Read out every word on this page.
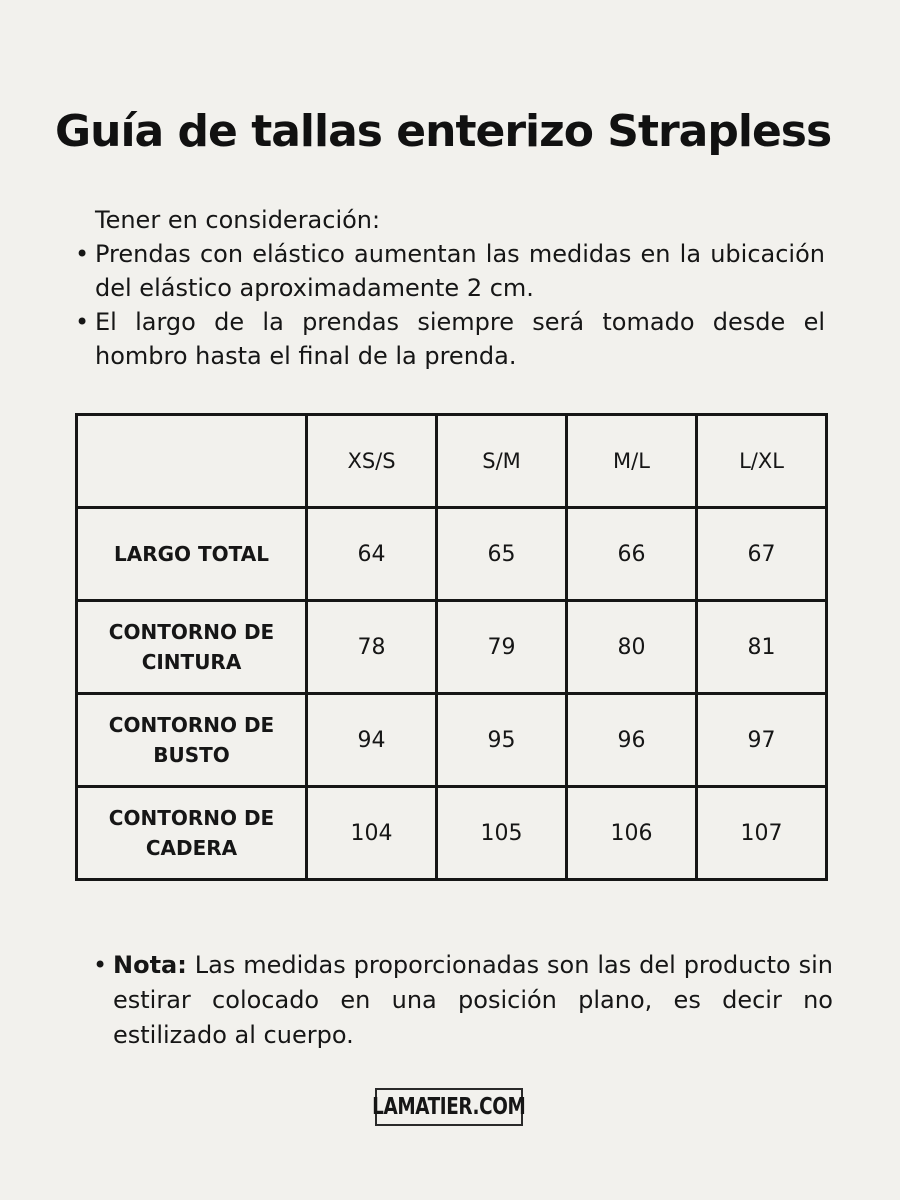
Guía de tallas enterizo Strapless

Tener en consideración:

• Prendas con elástico aumentan las medidas en la ubicación del elástico aproximadamente 2 cm.
• El largo de la prendas siempre será tomado desde el hombro hasta el final de la prenda.
	XS/S	S/M	M/L	L/XL
LARGO TOTAL	64	65	66	67
CONTORNO DE CINTURA	78	79	80	81
CONTORNO DE BUSTO	94	95	96	97
CONTORNO DE CADERA	104	105	106	107
• Nota: Las medidas proporcionadas son las del producto sin estirar colocado en una posición plano, es decir no estilizado al cuerpo.
LAMATIER.COM
